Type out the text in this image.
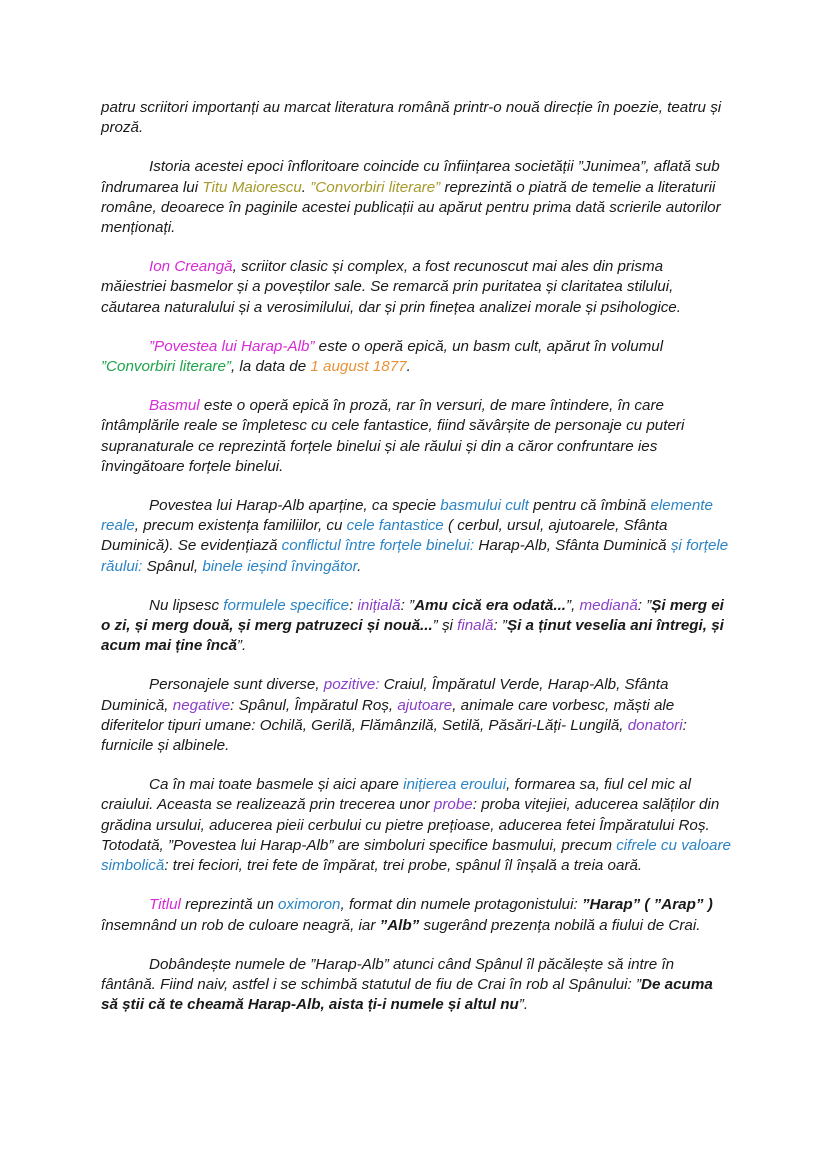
patru scriitori importanți au marcat literatura română printr-o nouă direcție în poezie, teatru și proză.

Istoria acestei epoci înfloritoare coincide cu înființarea societății ”Junimea”, aflată sub îndrumarea lui Titu Maiorescu. ”Convorbiri literare” reprezintă o piatră de temelie a literaturii române, deoarece în paginile acestei publicații au apărut pentru prima dată scrierile autorilor menționați.

Ion Creangă, scriitor clasic și complex, a fost recunoscut mai ales din prisma măiestriei basmelor și a poveștilor sale. Se remarcă prin puritatea și claritatea stilului, căutarea naturalului și a verosimilului, dar și prin finețea analizei morale și psihologice.

”Povestea lui Harap-Alb” este o operă epică, un basm cult, apărut în volumul ”Convorbiri literare”, la data de 1 august 1877.

Basmul este o operă epică în proză, rar în versuri, de mare întindere, în care întâmplările reale se împletesc cu cele fantastice, fiind săvârșite de personaje cu puteri supranaturale ce reprezintă forțele binelui și ale răului și din a căror confruntare ies învingătoare forțele binelui.

Povestea lui Harap-Alb aparține, ca specie basmului cult pentru că îmbină elemente reale, precum existența familiilor, cu cele fantastice ( cerbul, ursul, ajutoarele, Sfânta Duminică). Se evidențiază conflictul între forțele binelui: Harap-Alb, Sfânta Duminică și forțele răului: Spânul, binele ieșind învingător.

Nu lipsesc formulele specifice: inițială: ”Amu cică era odată...”, mediană: ”Și merg ei o zi, și merg două, și merg patruzeci și nouă...” și finală: ”Și a ținut veselia ani întregi, și acum mai ține încă”.

Personajele sunt diverse, pozitive: Craiul, Împăratul Verde, Harap-Alb, Sfânta Duminică, negative: Spânul, Împăratul Roș, ajutoare, animale care vorbesc, măști ale diferitelor tipuri umane: Ochilă, Gerilă, Flămânzilă, Setilă, Păsări-Lăți- Lungilă, donatori: furnicile și albinele.

Ca în mai toate basmele și aici apare inițierea eroului, formarea sa, fiul cel mic al craiului. Aceasta se realizează prin trecerea unor probe: proba vitejiei, aducerea salăților din grădina ursului, aducerea pieii cerbului cu pietre prețioase, aducerea fetei Împăratului Roș. Totodată, ”Povestea lui Harap-Alb” are simboluri specifice basmului, precum cifrele cu valoare simbolică: trei feciori, trei fete de împărat, trei probe, spânul îl înșală a treia oară.

Titlul reprezintă un oximoron, format din numele protagonistului: ”Harap” ( ”Arap” ) însemnând un rob de culoare neagră, iar ”Alb” sugerând prezența nobilă a fiului de Crai.

Dobândește numele de ”Harap-Alb” atunci când Spânul îl păcălește să intre în fântână. Fiind naiv, astfel i se schimbă statutul de fiu de Crai în rob al Spânului: ”De acuma să știi că te cheamă Harap-Alb, aista ți-i numele și altul nu”.
